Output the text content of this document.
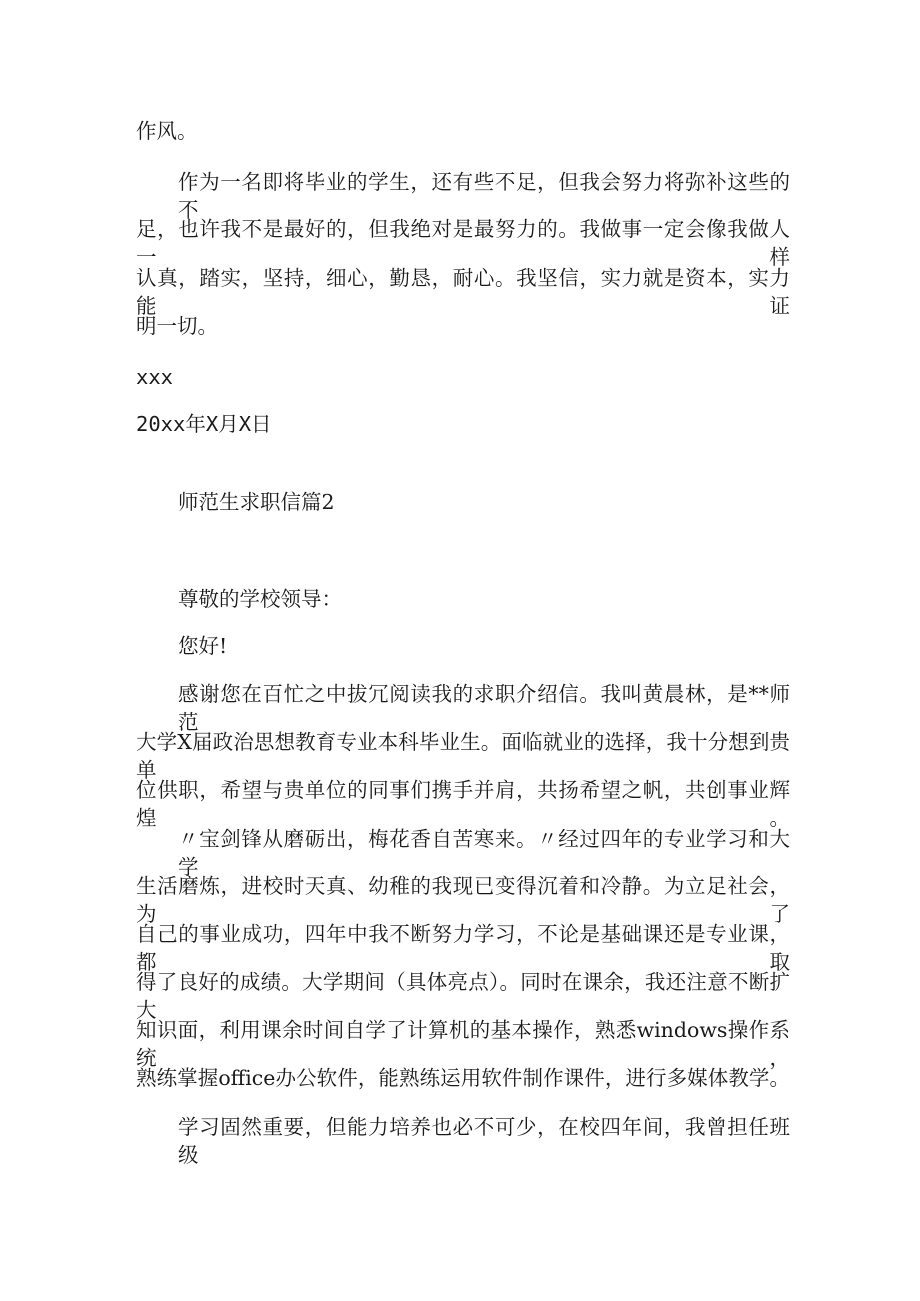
作风。

作为一名即将毕业的学生，还有些不足，但我会努力将弥补这些的不

足，也许我不是最好的，但我绝对是最努力的。我做事一定会像我做人一样

认真，踏实，坚持，细心，勤恳，耐心。我坚信，实力就是资本，实力能证

明一切。

xxx

20xx年X月X日

师范生求职信篇2

尊敬的学校领导：

您好!

感谢您在百忙之中拔冗阅读我的求职介绍信。我叫黄晨林，是**师范

大学X届政治思想教育专业本科毕业生。面临就业的选择，我十分想到贵单

位供职，希望与贵单位的同事们携手并肩，共扬希望之帆，共创事业辉煌。

〃宝剑锋从磨砺出，梅花香自苦寒来。〃经过四年的专业学习和大学

生活磨炼，进校时天真、幼稚的我现已变得沉着和冷静。为立足社会，为了

自己的事业成功，四年中我不断努力学习，不论是基础课还是专业课，都取

得了良好的成绩。大学期间（具体亮点）。同时在课余，我还注意不断扩大

知识面，利用课余时间自学了计算机的基本操作，熟悉windows操作系统，

熟练掌握office办公软件，能熟练运用软件制作课件，进行多媒体教学。

学习固然重要，但能力培养也必不可少，在校四年间，我曾担任班级
